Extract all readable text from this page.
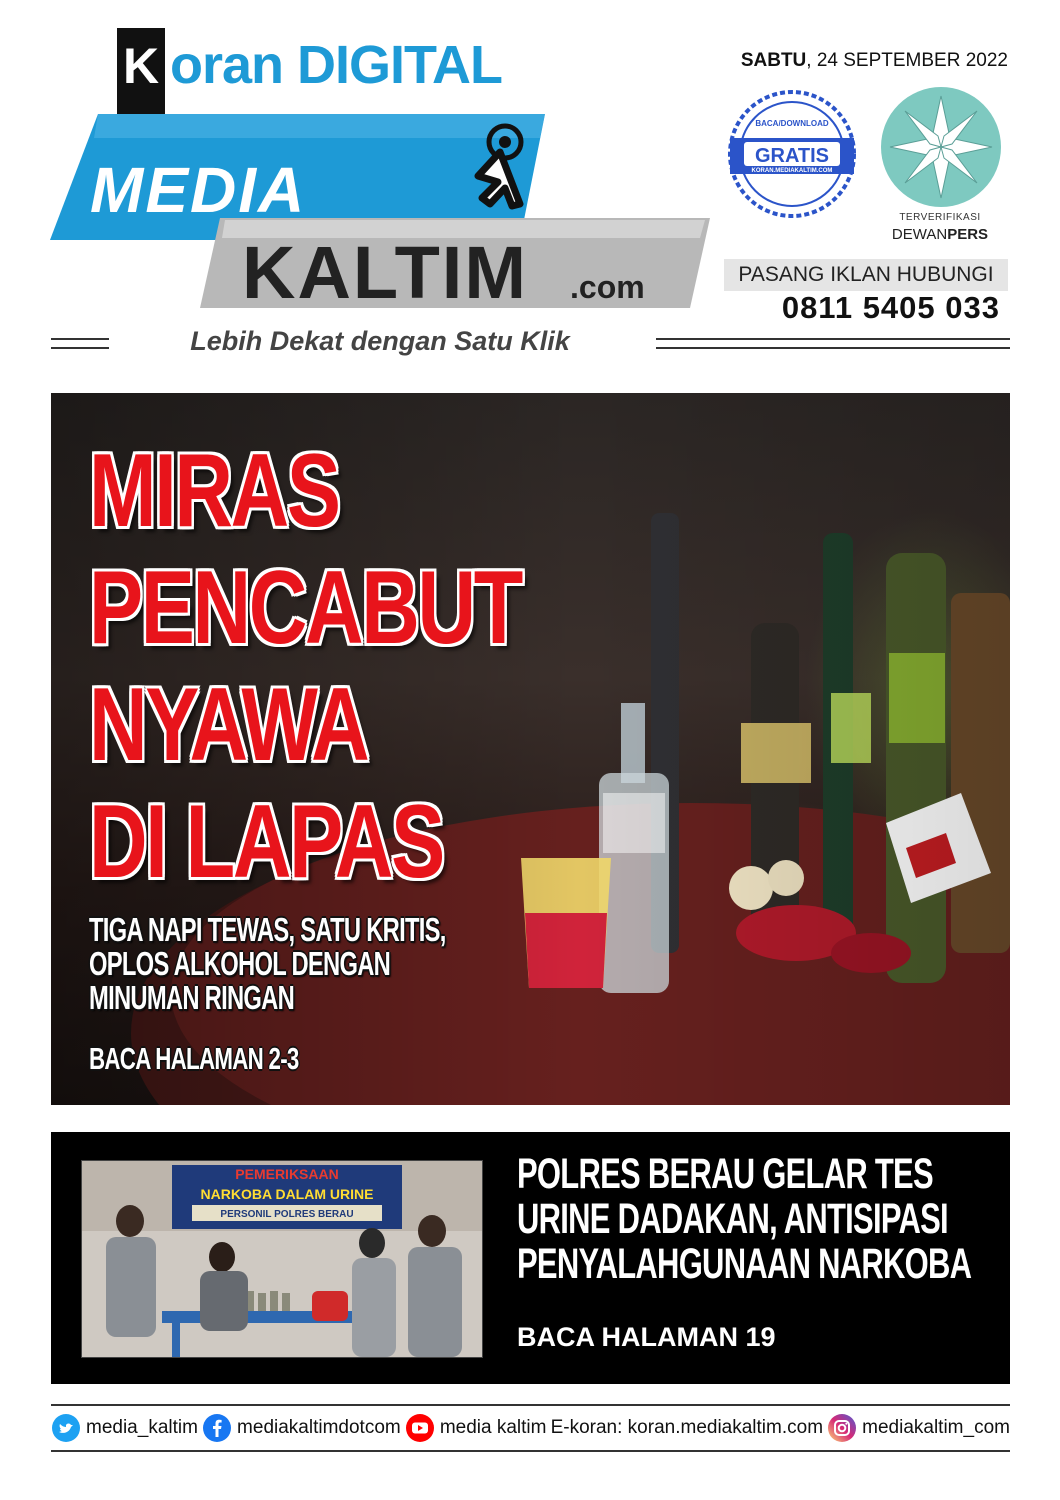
K oran DIGITAL
MEDIA
KALTIM .com
Lebih Dekat dengan Satu Klik
SABTU, 24 SEPTEMBER 2022
BACA/DOWNLOAD
GRATIS
KORAN.MEDIAKALTIM.COM
TERVERIFIKASI
DEWANPERS
PASANG IKLAN HUBUNGI
0811 5405 033
MIRAS
PENCABUT
NYAWA
DI LAPAS
TIGA NAPI TEWAS, SATU KRITIS,
OPLOS ALKOHOL DENGAN
MINUMAN RINGAN
BACA HALAMAN 2-3
PEMERIKSAAN
NARKOBA DALAM URINE
PERSONIL POLRES BERAU
POLRES BERAU GELAR TES
URINE DADAKAN, ANTISIPASI
PENYALAHGUNAAN NARKOBA
BACA HALAMAN 19
media_kaltim mediakaltimdotcom media kaltim E-koran: koran.mediakaltim.com mediakaltim_com
